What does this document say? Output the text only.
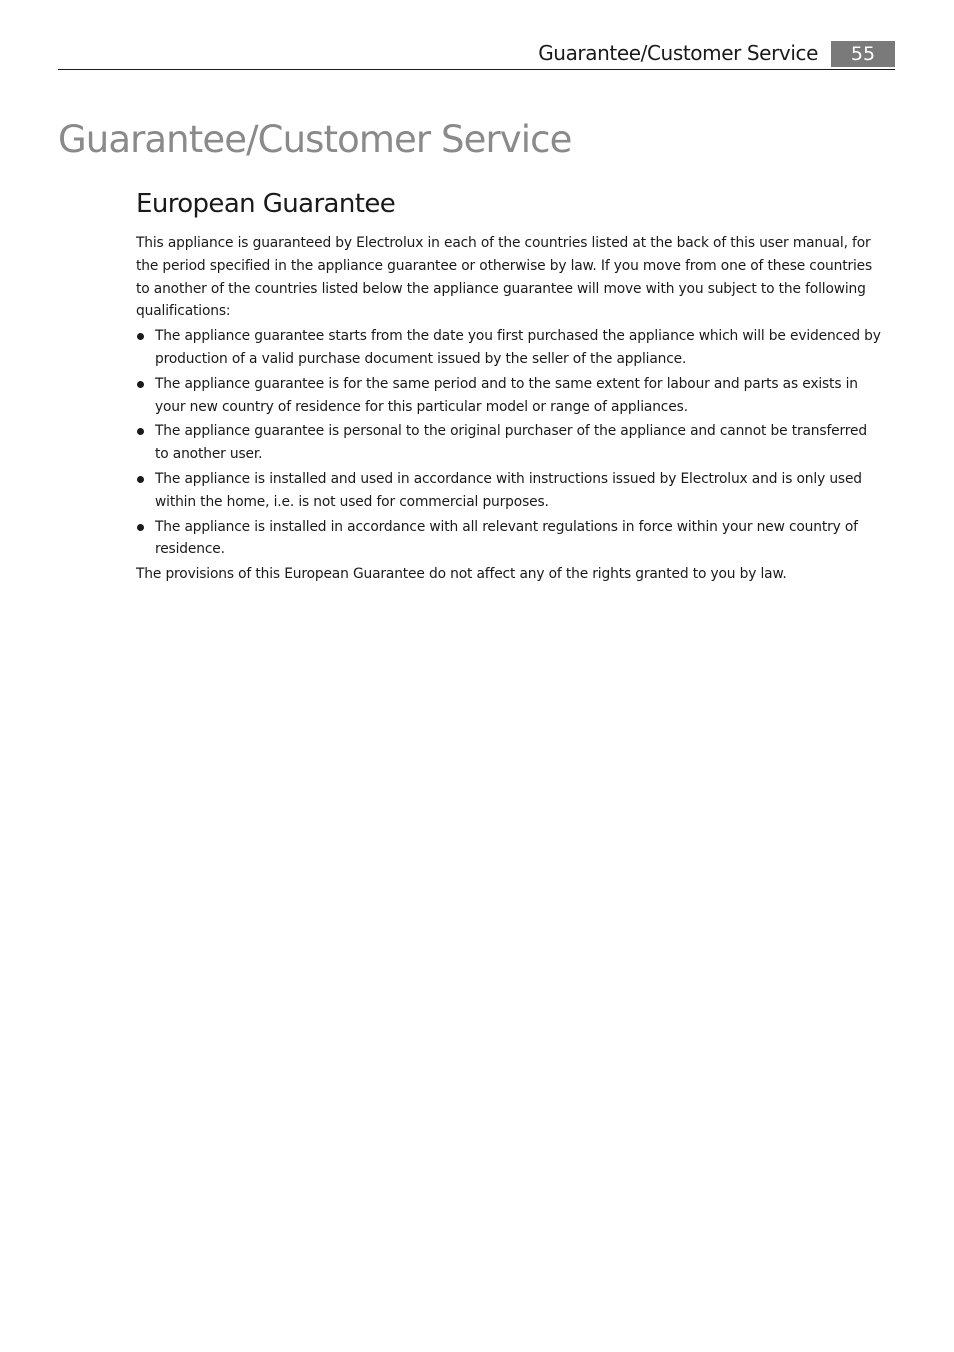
Guarantee/Customer Service	55
Guarantee/Customer Service
European Guarantee

This appliance is guaranteed by Electrolux in each of the countries listed at the back of this user manual, for the period specified in the appliance guarantee or otherwise by law. If you move from one of these countries to another of the countries listed below the appliance guarantee will move with you subject to the following qualifications:

The appliance guarantee starts from the date you first purchased the appliance which will be evidenced by production of a valid purchase document issued by the seller of the appliance.
The appliance guarantee is for the same period and to the same extent for labour and parts as exists in your new country of residence for this particular model or range of appliances.
The appliance guarantee is personal to the original purchaser of the appliance and cannot be transferred to another user.
The appliance is installed and used in accordance with instructions issued by Electrolux and is only used within the home, i.e. is not used for commercial purposes.
The appliance is installed in accordance with all relevant regulations in force within your new country of residence.

The provisions of this European Guarantee do not affect any of the rights granted to you by law.
